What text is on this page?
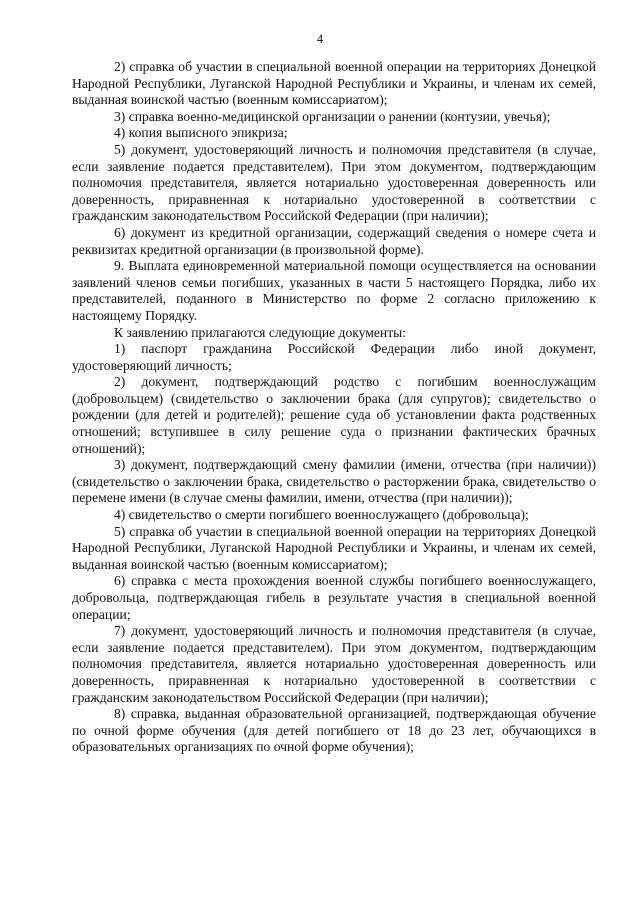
4

2) справка об участии в специальной военной операции на территориях Донецкой Народной Республики, Луганской Народной Республики и Украины, и членам их семей, выданная воинской частью (военным комиссариатом);

3) справка военно-медицинской организации о ранении (контузии, увечья);

4) копия выписного эпикриза;

5) документ, удостоверяющий личность и полномочия представителя (в случае, если заявление подается представителем). При этом документом, подтверждающим полномочия представителя, является нотариально удостоверенная доверенность или доверенность, приравненная к нотариально удостоверенной в соответствии с гражданским законодательством Российской Федерации (при наличии);

6) документ из кредитной организации, содержащий сведения о номере счета и реквизитах кредитной организации (в произвольной форме).

9. Выплата единовременной материальной помощи осуществляется на основании заявлений членов семьи погибших, указанных в части 5 настоящего Порядка, либо их представителей, поданного в Министерство по форме 2 согласно приложению к настоящему Порядку.

К заявлению прилагаются следующие документы:

1) паспорт гражданина Российской Федерации либо иной документ, удостоверяющий личность;

2) документ, подтверждающий родство с погибшим военнослужащим (добровольцем) (свидетельство о заключении брака (для супругов); свидетельство о рождении (для детей и родителей); решение суда об установлении факта родственных отношений; вступившее в силу решение суда о признании фактических брачных отношений);

3) документ, подтверждающий смену фамилии (имени, отчества (при наличии)) (свидетельство о заключении брака, свидетельство о расторжении брака, свидетельство о перемене имени (в случае смены фамилии, имени, отчества (при наличии));

4) свидетельство о смерти погибшего военнослужащего (добровольца);

5) справка об участии в специальной военной операции на территориях Донецкой Народной Республики, Луганской Народной Республики и Украины, и членам их семей, выданная воинской частью (военным комиссариатом);

6) справка с места прохождения военной службы погибшего военнослужащего, добровольца, подтверждающая гибель в результате участия в специальной военной операции;

7) документ, удостоверяющий личность и полномочия представителя (в случае, если заявление подается представителем). При этом документом, подтверждающим полномочия представителя, является нотариально удостоверенная доверенность или доверенность, приравненная к нотариально удостоверенной в соответствии с гражданским законодательством Российской Федерации (при наличии);

8) справка, выданная образовательной организацией, подтверждающая обучение по очной форме обучения (для детей погибшего от 18 до 23 лет, обучающихся в образовательных организациях по очной форме обучения);
